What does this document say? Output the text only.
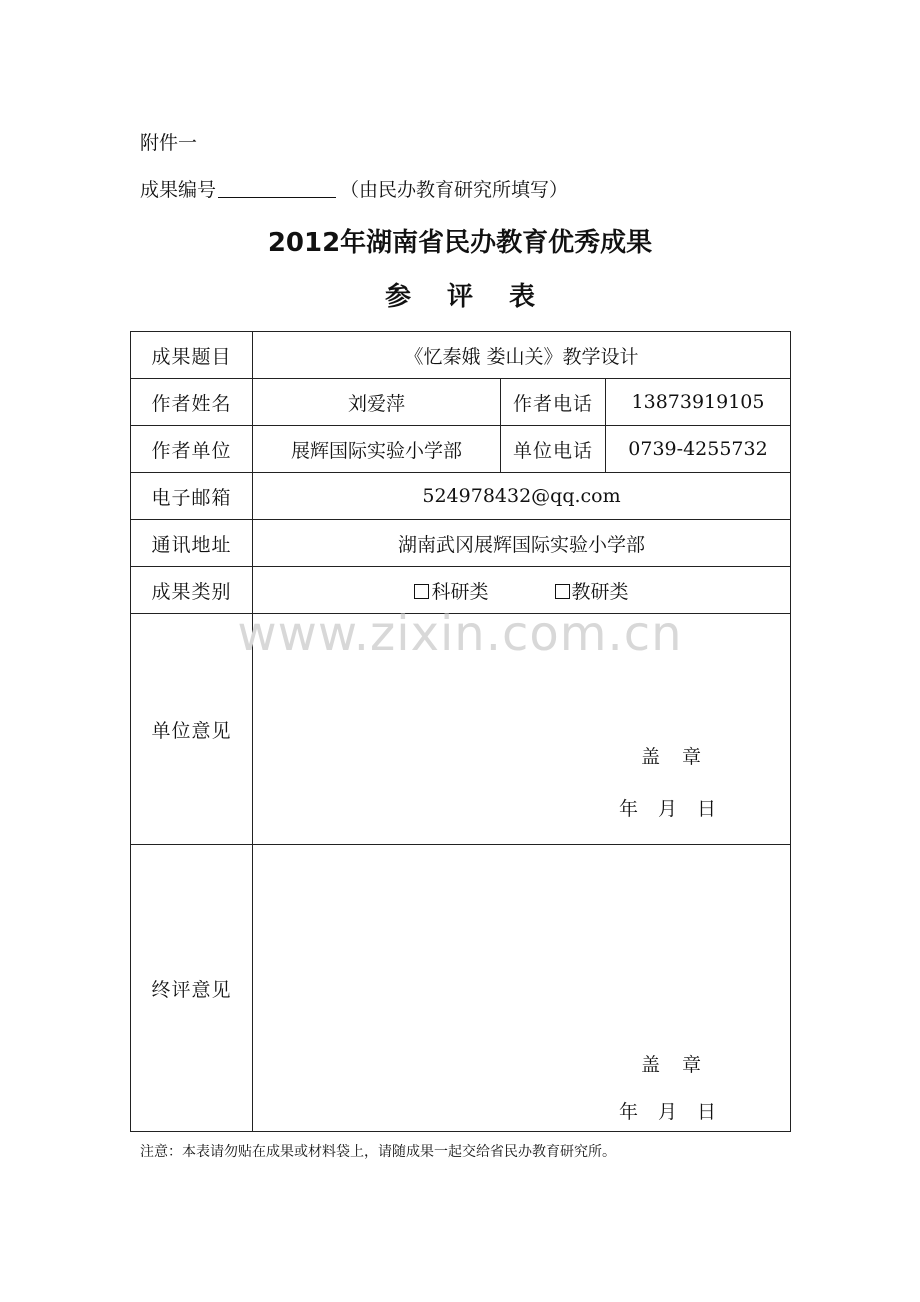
附件一
成果编号	（由民办教育研究所填写）
2012年湖南省民办教育优秀成果
参评表
成果题目	《忆秦娥 娄山关》教学设计		
作者姓名	刘爱萍	作者电话	13873919105
作者单位	展辉国际实验小学部	单位电话	0739-4255732
电子邮箱	524978432@qq.com		
通讯地址	湖南武冈展辉国际实验小学部		
成果类别	科研类 教研类		
单位意见	盖章
年月日		

终评意见	盖章
年月日		
www.zixin.com.cn
注意：本表请勿贴在成果或材料袋上，请随成果一起交给省民办教育研究所。
